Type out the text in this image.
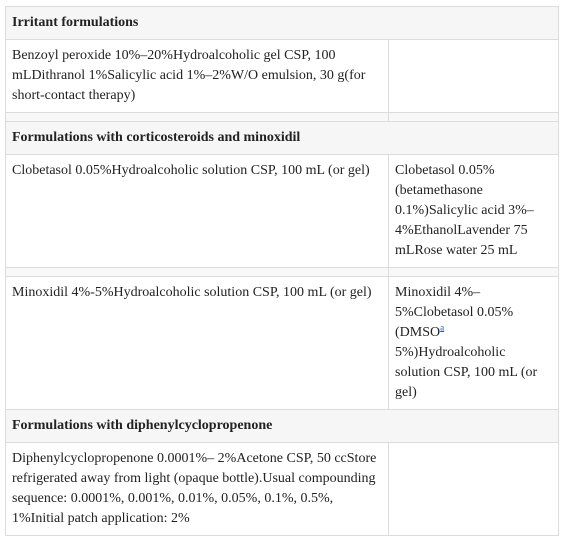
Irritant formulations	
Benzoyl peroxide 10%–20%Hydroalcoholic gel CSP, 100 mLDithranol 1%Salicylic acid 1%–2%W/O emulsion, 30 g(for short-contact therapy)	

Formulations with corticosteroids and minoxidil	
Clobetasol 0.05%Hydroalcoholic solution CSP, 100 mL (or gel)	Clobetasol 0.05% (betamethasone 0.1%)Salicylic acid 3%–4%EthanolLavender 75 mLRose water 25 mL

Minoxidil 4%-5%Hydroalcoholic solution CSP, 100 mL (or gel)	Minoxidil 4%–5%Clobetasol 0.05% (DMSO$^a$ 5%)Hydroalcoholic solution CSP, 100 mL (or gel)
Formulations with diphenylcyclopropenone	
Diphenylcyclopropenone 0.0001%– 2%Acetone CSP, 50 ccStore refrigerated away from light (opaque bottle).Usual compounding sequence: 0.0001%, 0.001%, 0.01%, 0.05%, 0.1%, 0.5%, 1%Initial patch application: 2%	
